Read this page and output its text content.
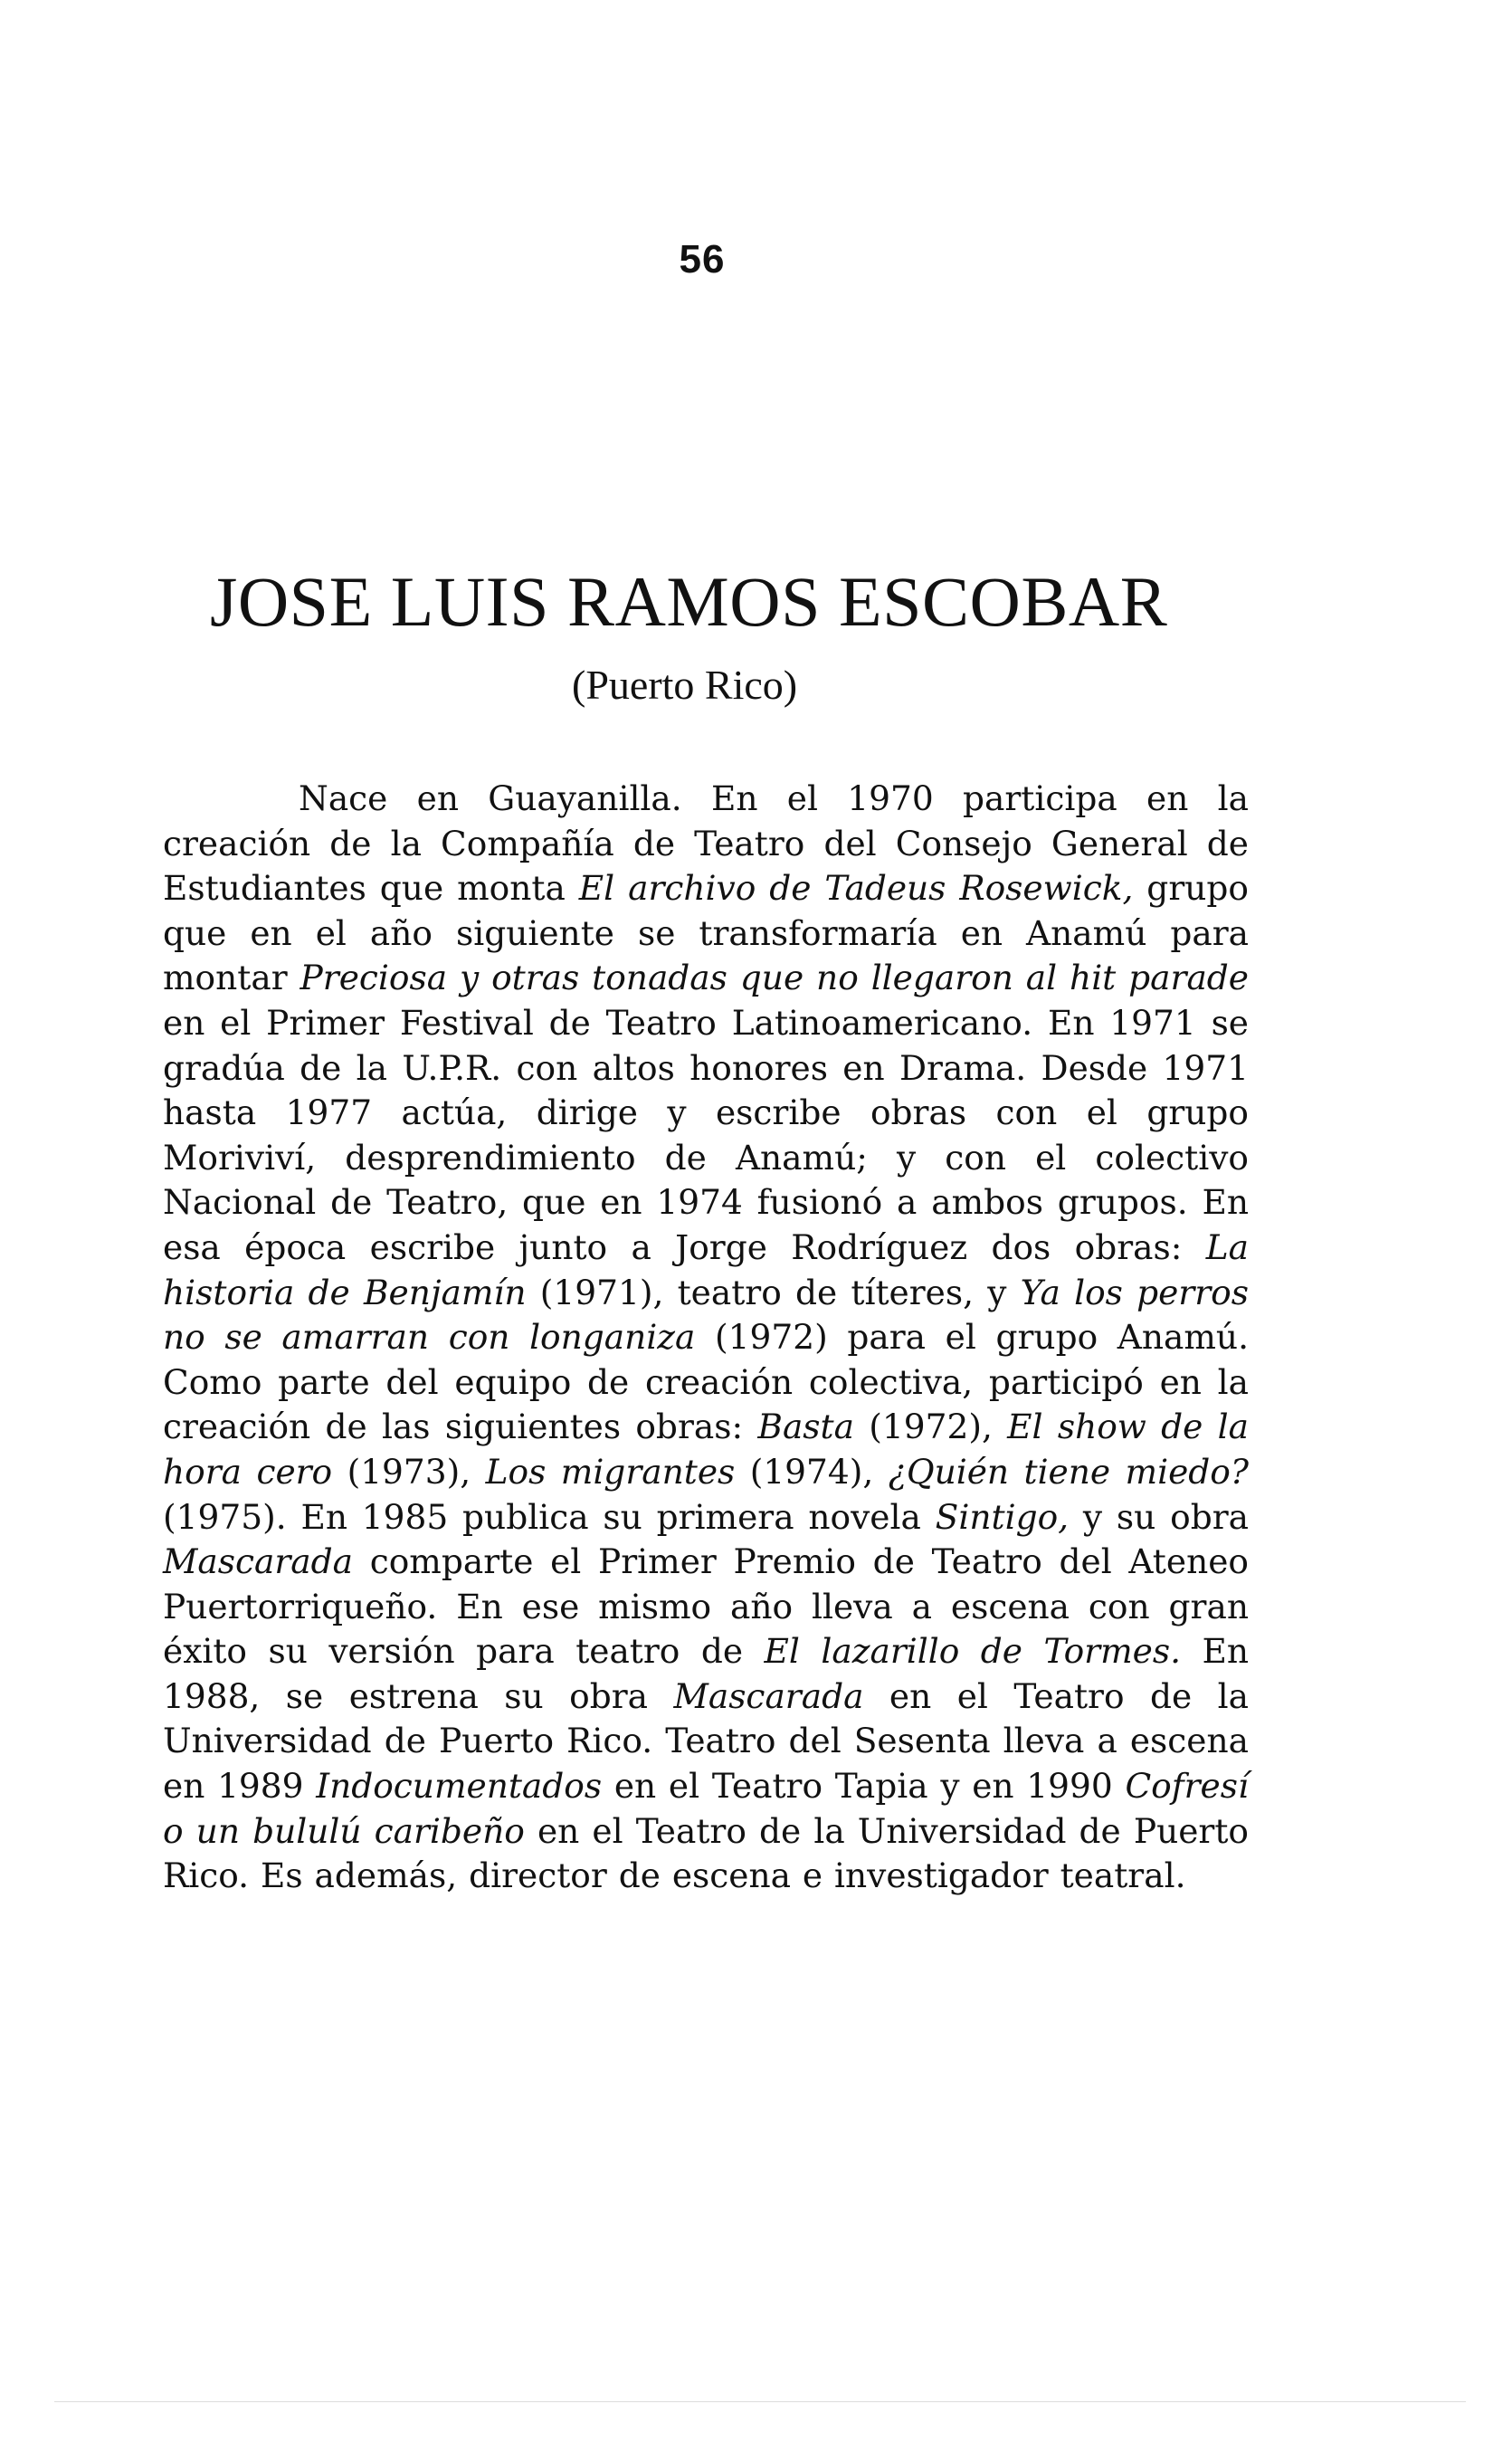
56
JOSE LUIS RAMOS ESCOBAR
(Puerto Rico)

Nace en Guayanilla. En el 1970 participa en la creación de la Compañía de Teatro del Consejo General de Estudiantes que monta El archivo de Tadeus Rosewick, grupo que en el año siguiente se transformaría en Anamú para montar Preciosa y otras tonadas que no llegaron al hit parade en el Primer Festival de Teatro Latinoamericano. En 1971 se gradúa de la U.P.R. con altos honores en Drama. Desde 1971 hasta 1977 actúa, dirige y escribe obras con el grupo Moriviví, desprendimiento de Anamú; y con el colectivo Nacional de Teatro, que en 1974 fusionó a ambos grupos. En esa época escribe junto a Jorge Rodríguez dos obras: La historia de Benjamín (1971), teatro de títeres, y Ya los perros no se amarran con longaniza (1972) para el grupo Anamú. Como parte del equipo de creación colectiva, participó en la creación de las siguientes obras: Basta (1972), El show de la hora cero (1973), Los migrantes (1974), ¿Quién tiene miedo? (1975). En 1985 publica su primera novela Sintigo, y su obra Mascarada comparte el Primer Premio de Teatro del Ateneo Puertorriqueño. En ese mismo año lleva a escena con gran éxito su versión para teatro de El lazarillo de Tormes. En 1988, se estrena su obra Mascarada en el Teatro de la Universidad de Puerto Rico. Teatro del Sesenta lleva a escena en 1989 Indocumentados en el Teatro Tapia y en 1990 Cofresí o un bululú caribeño en el Teatro de la Universidad de Puerto Rico. Es además, director de escena e investigador teatral.
